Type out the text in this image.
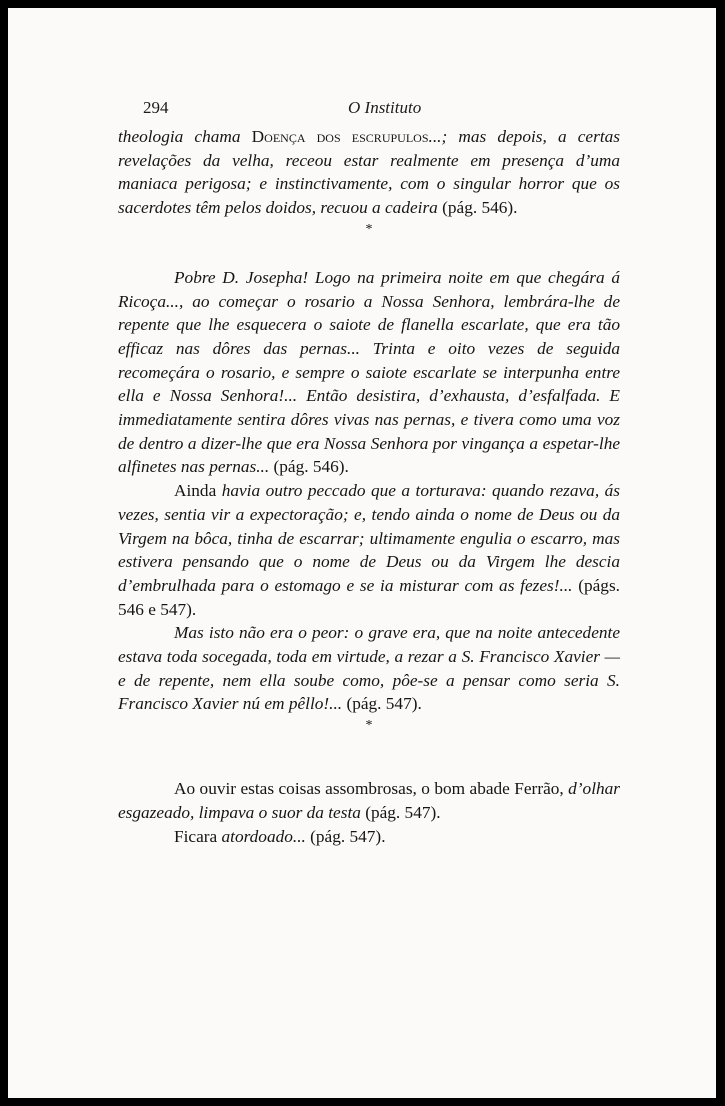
294	O Instituto

theologia chama Doença dos escrupulos...; mas depois, a certas revelações da velha, receou estar realmente em presença d’uma maniaca perigosa; e instinctivamente, com o singular horror que os sacerdotes têm pelos doidos, recuou a cadeira (pág. 546).

*

Pobre D. Josepha! Logo na primeira noite em que chegára á Ricoça..., ao começar o rosario a Nossa Senhora, lembrára-lhe de repente que lhe esquecera o saiote de flanella escarlate, que era tão efficaz nas dôres das pernas... Trinta e oito vezes de seguida recomeçára o rosario, e sempre o saiote escarlate se interpunha entre ella e Nossa Senhora!... Então desistira, d’exhausta, d’esfalfada. E immediatamente sentira dôres vivas nas pernas, e tivera como uma voz de dentro a dizer-lhe que era Nossa Senhora por vingança a espetar-lhe alfinetes nas pernas... (pág. 546).

Ainda havia outro peccado que a torturava: quando rezava, ás vezes, sentia vir a expectoração; e, tendo ainda o nome de Deus ou da Virgem na bôca, tinha de escarrar; ultimamente engulia o escarro, mas estivera pensando que o nome de Deus ou da Virgem lhe descia d’embrulhada para o estomago e se ia misturar com as fezes!... (págs. 546 e 547).

Mas isto não era o peor: o grave era, que na noite antecedente estava toda socegada, toda em virtude, a rezar a S. Francisco Xavier — e de repente, nem ella soube como, pôe-se a pensar como seria S. Francisco Xavier nú em pêllo!... (pág. 547).

*

Ao ouvir estas coisas assombrosas, o bom abade Ferrão, d’olhar esgazeado, limpava o suor da testa (pág. 547).

Ficara atordoado... (pág. 547).
